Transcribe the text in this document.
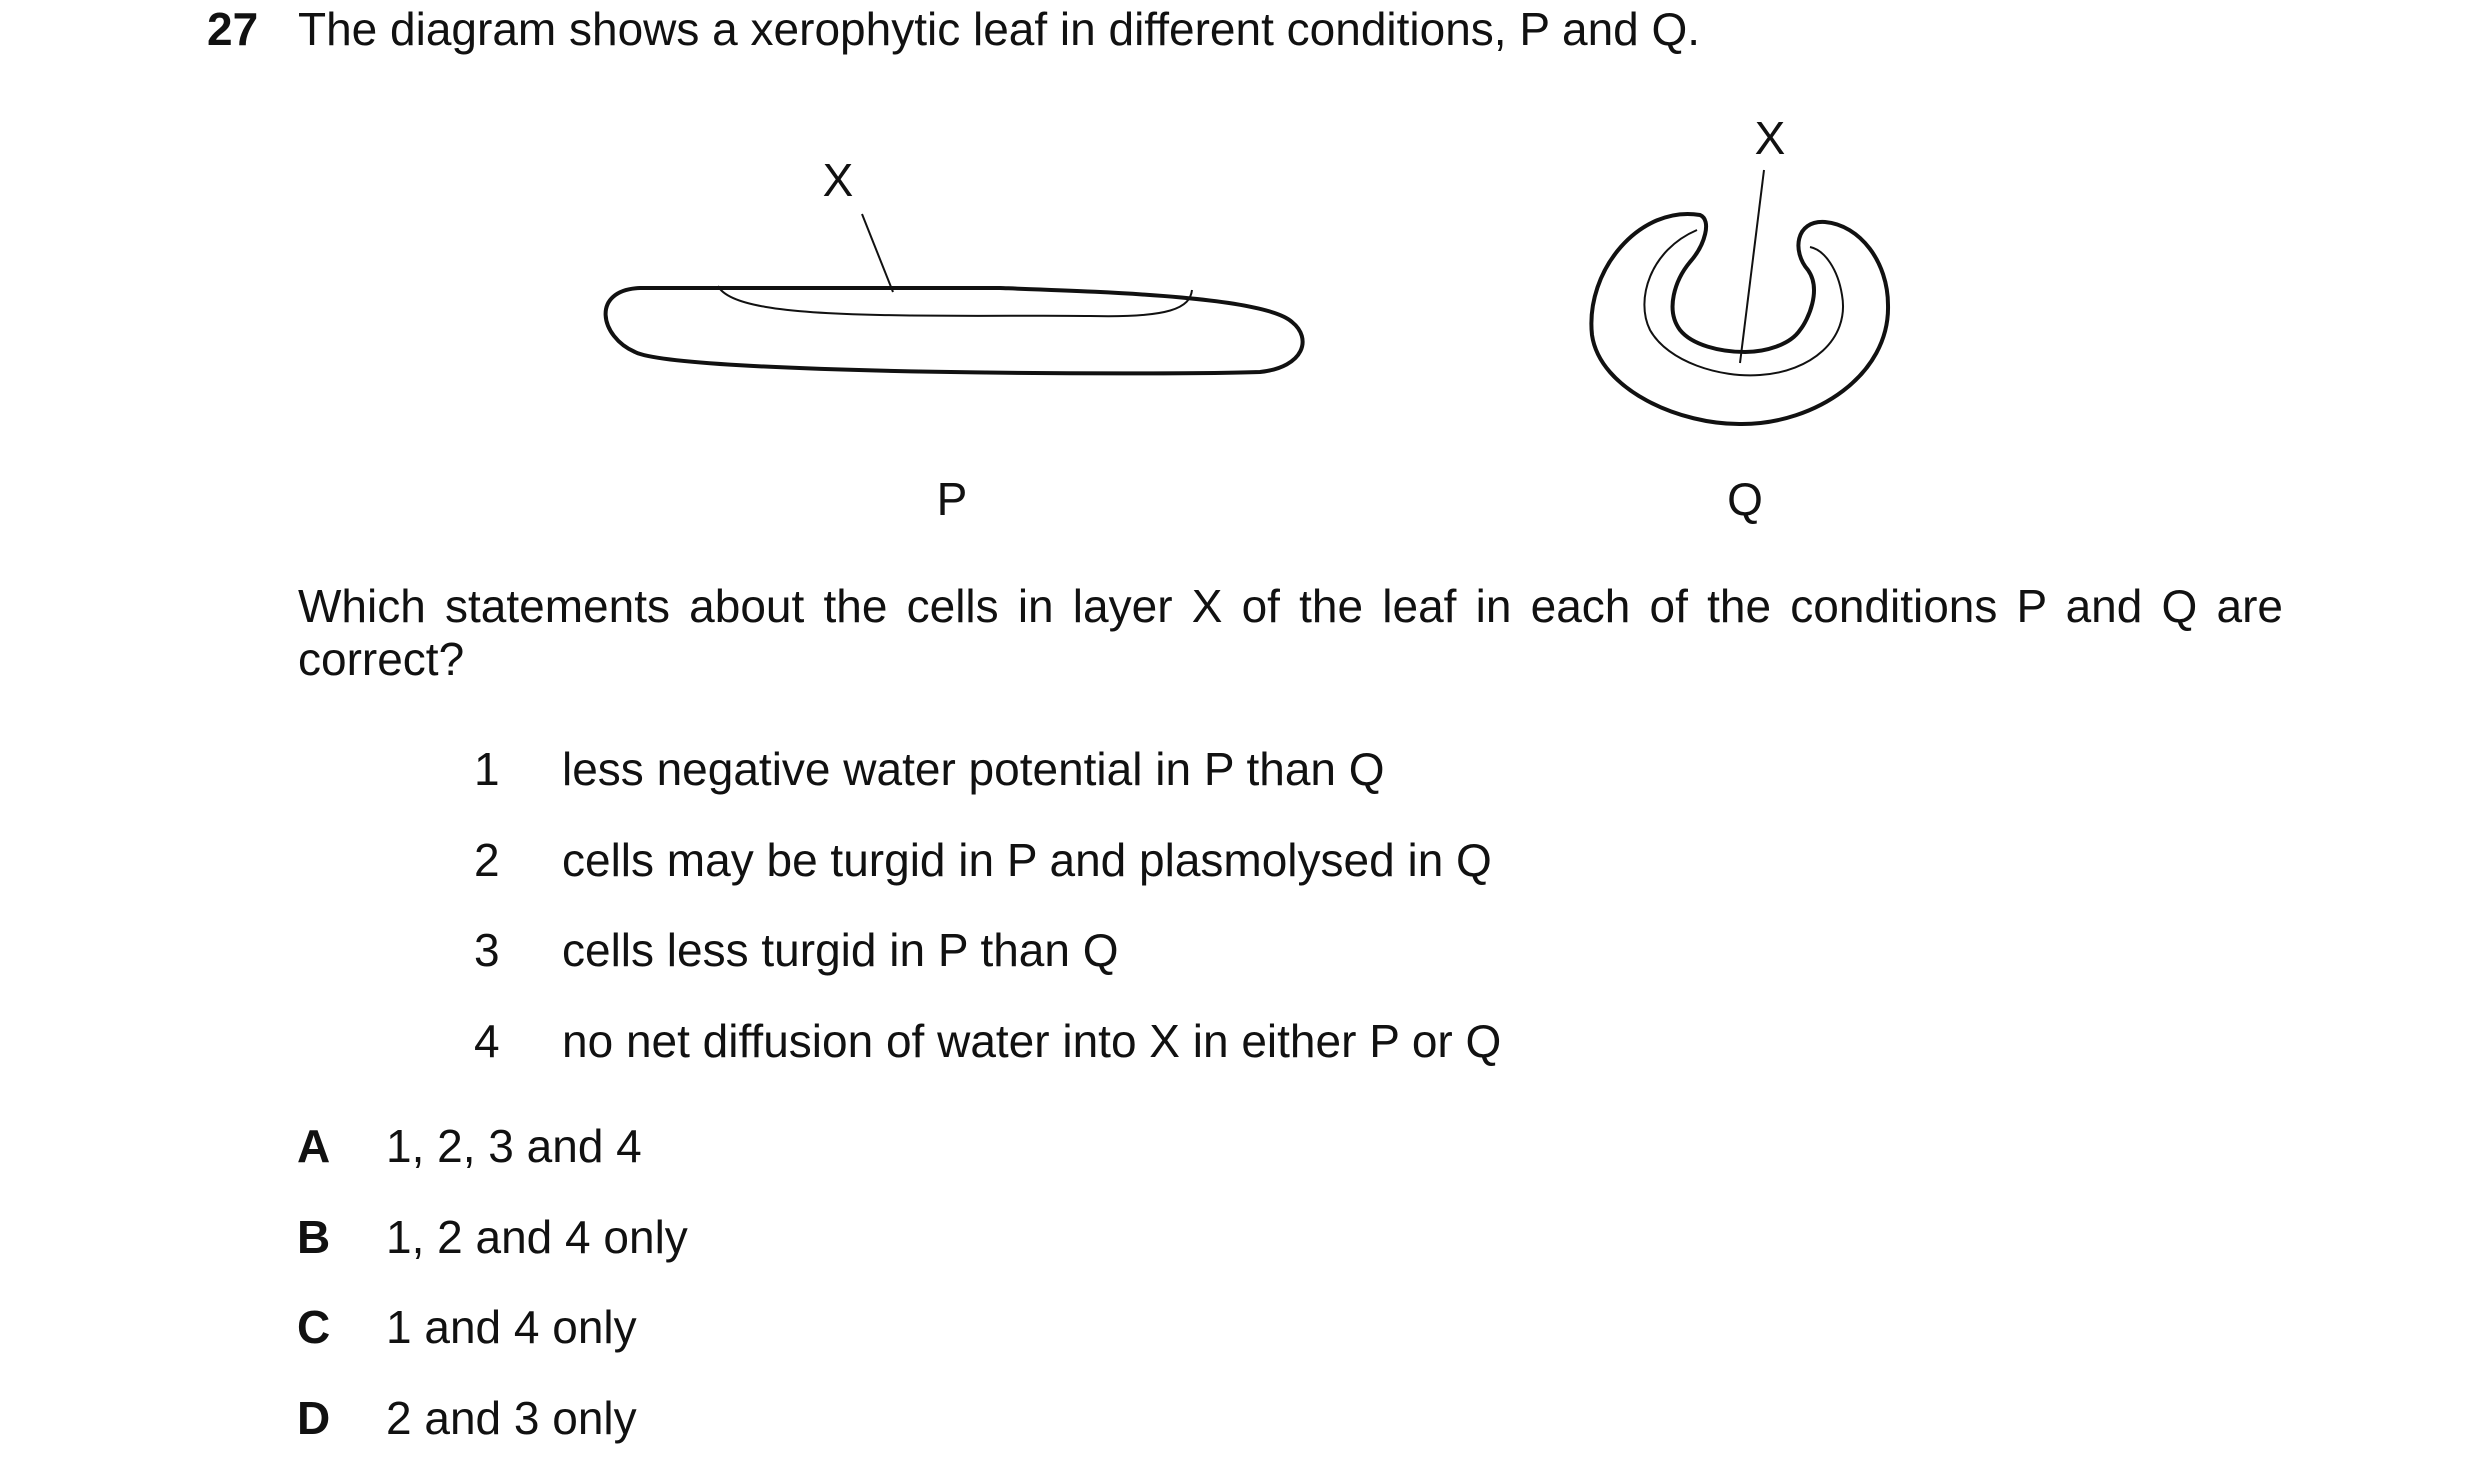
27 The diagram shows a xerophytic leaf in different conditions, P and Q.
X
P
X
Q
Which statements about the cells in layer X of the leaf in each of the conditions P and Q are correct?
1 less negative water potential in P than Q
2 cells may be turgid in P and plasmolysed in Q
3 cells less turgid in P than Q
4 no net diffusion of water into X in either P or Q
A 1, 2, 3 and 4
B 1, 2 and 4 only
C 1 and 4 only
D 2 and 3 only
